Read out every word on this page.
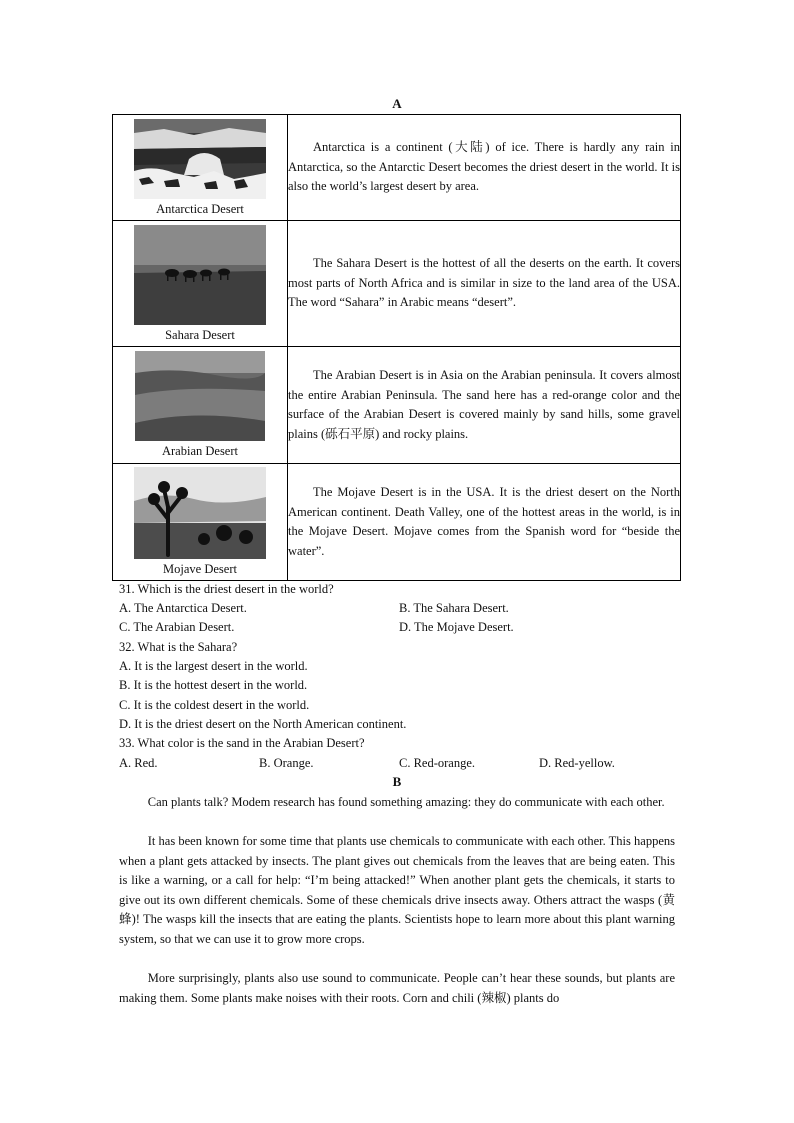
A
Antarctica Desert	Antarctica is a continent (大陆) of ice. There is hardly any rain in Antarctica, so the Antarctic Desert becomes the driest desert in the world. It is also the world’s largest desert by area.

Sahara Desert	The Sahara Desert is the hottest of all the deserts on the earth. It covers most parts of North Africa and is similar in size to the land area of the USA. The word “Sahara” in Arabic means “desert”.

Arabian Desert	The Arabian Desert is in Asia on the Arabian peninsula. It covers almost the entire Arabian Peninsula. The sand here has a red-orange color and the surface of the Arabian Desert is covered mainly by sand hills, some gravel plains (砾石平原) and rocky plains.

Mojave Desert	The Mojave Desert is in the USA. It is the driest desert on the North American continent. Death Valley, one of the hottest areas in the world, is in the Mojave Desert. Mojave comes from the Spanish word for “beside the water”.

31. Which is the driest desert in the world?
A. The Antarctica Desert.	B. The Sahara Desert.
C. The Arabian Desert.	D. The Mojave Desert.
32. What is the Sahara?
A. It is the largest desert in the world.
B. It is the hottest desert in the world.
C. It is the coldest desert in the world.
D. It is the driest desert on the North American continent.
33. What color is the sand in the Arabian Desert?
A. Red.	B. Orange.	C. Red-orange.	D. Red-yellow.
B

Can plants talk? Modem research has found something amazing: they do communicate with each other.

It has been known for some time that plants use chemicals to communicate with each other. This happens when a plant gets attacked by insects. The plant gives out chemicals from the leaves that are being eaten. This is like a warning, or a call for help: “I’m being attacked!” When another plant gets the chemicals, it starts to give out its own different chemicals. Some of these chemicals drive insects away. Others attract the wasps (黄蜂)! The wasps kill the insects that are eating the plants. Scientists hope to learn more about this plant warning system, so that we can use it to grow more crops.

More surprisingly, plants also use sound to communicate. People can’t hear these sounds, but plants are making them. Some plants make noises with their roots. Corn and chili (辣椒) plants do
